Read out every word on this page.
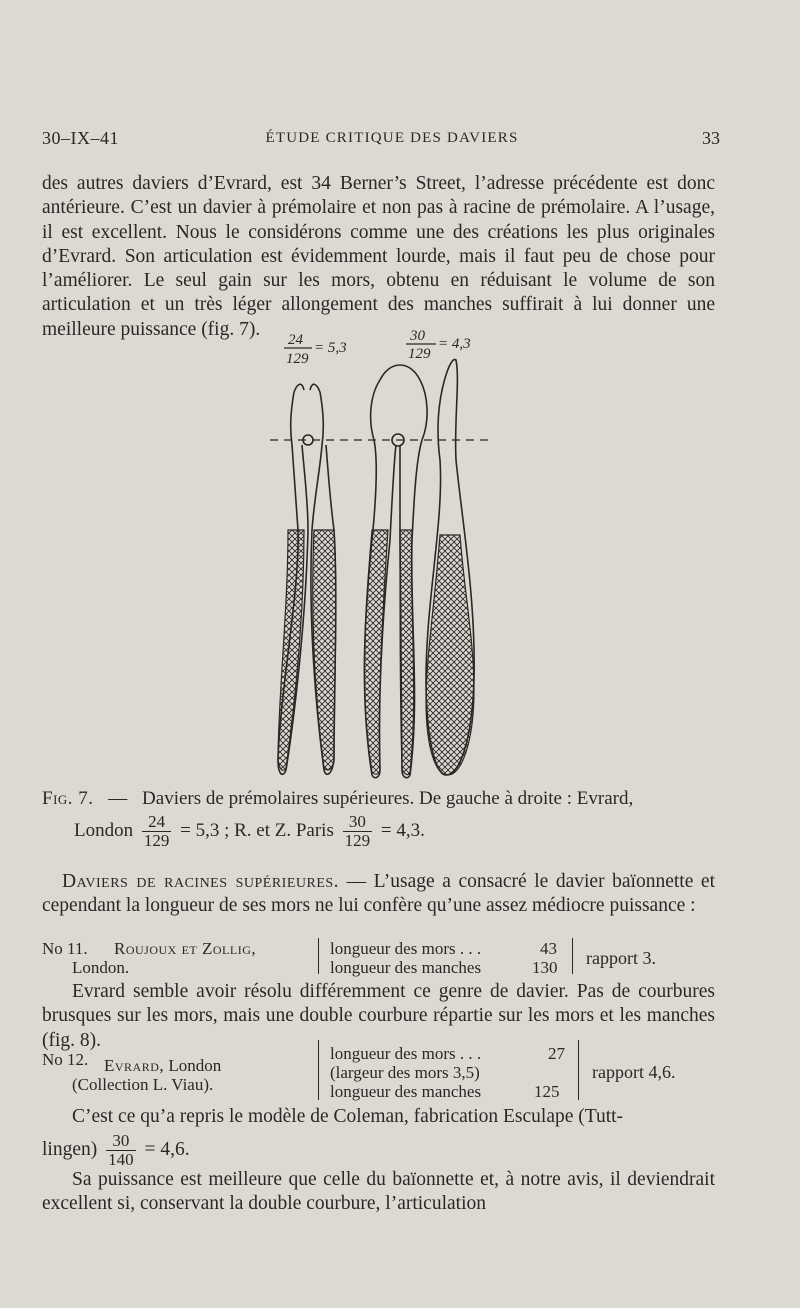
30–IX–41	ÉTUDE CRITIQUE DES DAVIERS	33

des autres daviers d’Evrard, est 34 Berner’s Street, l’adresse précédente est donc antérieure. C’est un davier à prémolaire et non pas à racine de prémolaire. A l’usage, il est excellent. Nous le considérons comme une des créations les plus originales d’Evrard. Son articulation est évidemment lourde, mais il faut peu de chose pour l’améliorer. Le seul gain sur les mors, obtenu en réduisant le volume de son articulation et un très léger allongement des manches suffirait à lui donner une meilleure puissance (fig. 7).

24
129
= 5,3
30
129
= 4,3
Fig. 7. — Daviers de prémolaires supérieures. De gauche à droite : Evrard,
London $\frac{24}{129} = 5,3$ ; R. et Z. Paris $\frac{30}{129} = 4,3$.

Daviers de racines supérieures. — L’usage a consacré le davier baïonnette et cependant la longueur de ses mors ne lui confère qu’une assez médiocre puissance :

No 11. Roujoux et Zollig,
London.
longueur des mors . . .	43
longueur des manches	130 rapport 3.

Evrard semble avoir résolu différemment ce genre de davier. Pas de courbures brusques sur les mors, mais une double courbure répartie sur les mors et les manches (fig. 8).

No 12. Evrard, London
(Collection L. Viau).
longueur des mors . . .	27
(largeur des mors 3,5)
longueur des manches	125
rapport 4,6.

C’est ce qu’a repris le modèle de Coleman, fabrication Esculape (Tutt-

lingen) $\frac{30}{140} = 4,6$.

Sa puissance est meilleure que celle du baïonnette et, à notre avis, il deviendrait excellent si, conservant la double courbure, l’articulation
